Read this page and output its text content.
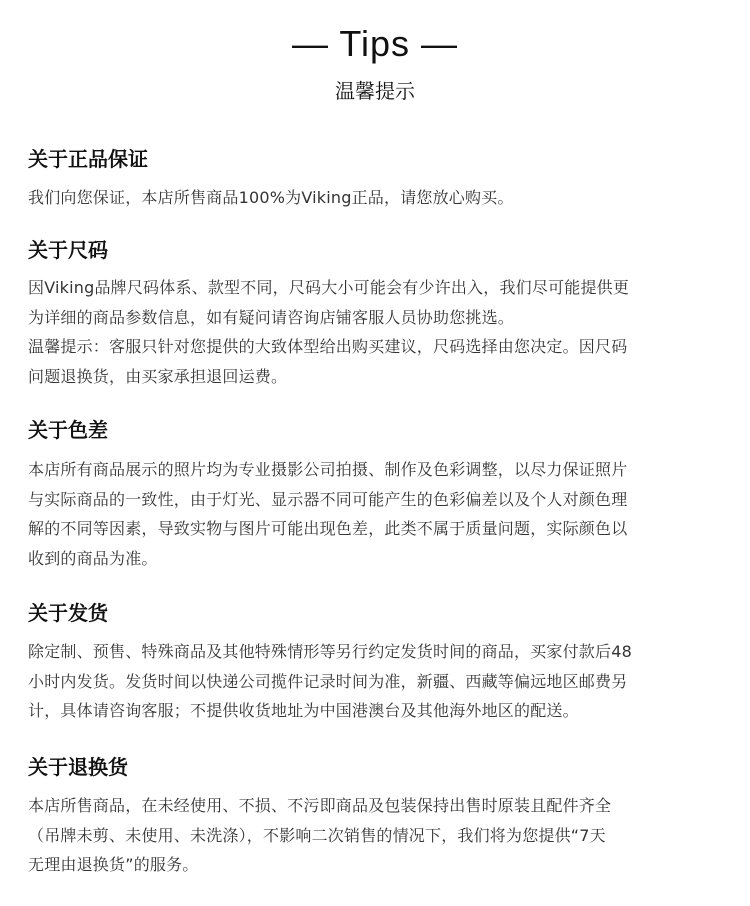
— Tips —
温馨提示
关于正品保证

我们向您保证，本店所售商品100%为Viking正品，请您放心购买。

关于尺码

因Viking品牌尺码体系、款型不同，尺码大小可能会有少许出入，我们尽可能提供更
为详细的商品参数信息，如有疑问请咨询店铺客服人员协助您挑选。
温馨提示：客服只针对您提供的大致体型给出购买建议，尺码选择由您决定。因尺码
问题退换货，由买家承担退回运费。

关于色差

本店所有商品展示的照片均为专业摄影公司拍摄、制作及色彩调整，以尽力保证照片
与实际商品的一致性，由于灯光、显示器不同可能产生的色彩偏差以及个人对颜色理
解的不同等因素，导致实物与图片可能出现色差，此类不属于质量问题，实际颜色以
收到的商品为准。

关于发货

除定制、预售、特殊商品及其他特殊情形等另行约定发货时间的商品，买家付款后48
小时内发货。发货时间以快递公司揽件记录时间为准，新疆、西藏等偏远地区邮费另
计，具体请咨询客服；不提供收货地址为中国港澳台及其他海外地区的配送。

关于退换货

本店所售商品，在未经使用、不损、不污即商品及包装保持出售时原装且配件齐全
（吊牌未剪、未使用、未洗涤），不影响二次销售的情况下，我们将为您提供“7天
无理由退换货”的服务。
